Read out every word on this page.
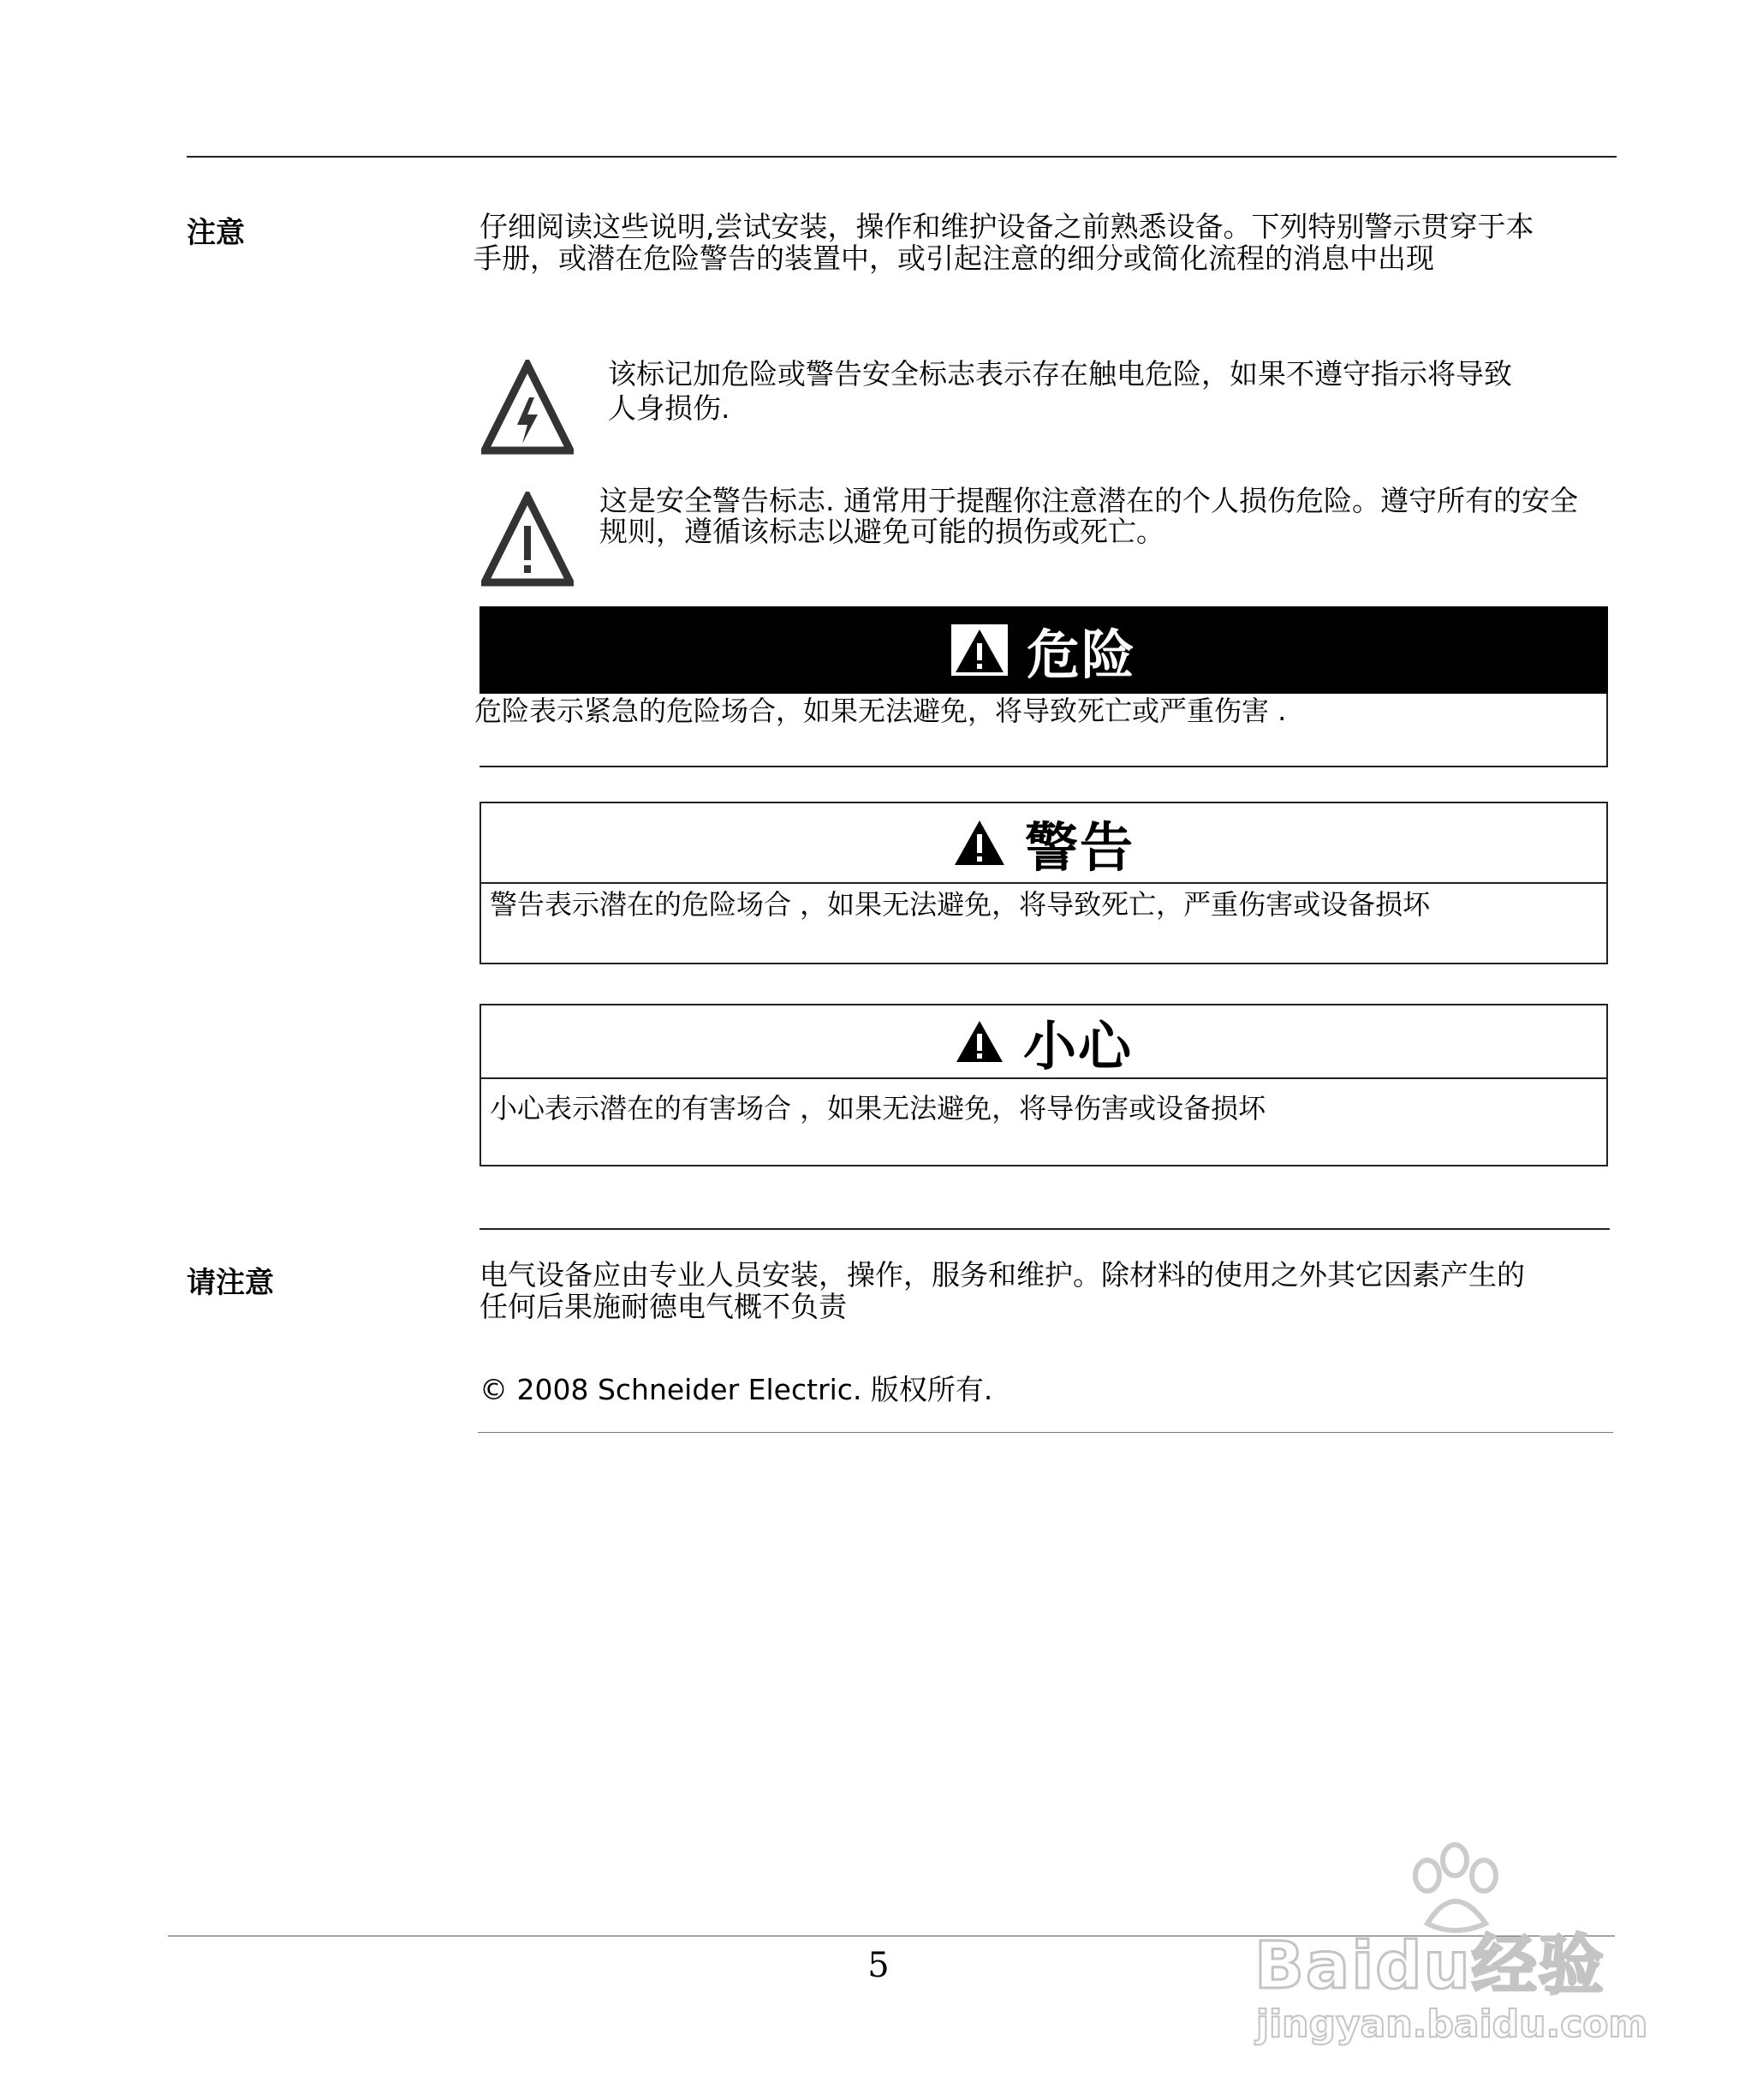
注意	仔细阅读这些说明,尝试安装，操作和维护设备之前熟悉设备。下列特别警示贯穿于本
手册，或潜在危险警告的装置中，或引起注意的细分或简化流程的消息中出现
该标记加危险或警告安全标志表示存在触电危险，如果不遵守指示将导致
人身损伤.
这是安全警告标志. 通常用于提醒你注意潜在的个人损伤危险。遵守所有的安全
规则，遵循该标志以避免可能的损伤或死亡。
危险
危险表示紧急的危险场合，如果无法避免，将导致死亡或严重伤害 .
警告
警告表示潜在的危险场合 ，如果无法避免，将导致死亡，严重伤害或设备损坏
小心
小心表示潜在的有害场合 ，如果无法避免，将导伤害或设备损坏
请注意	电气设备应由专业人员安装，操作，服务和维护。除材料的使用之外其它因素产生的
任何后果施耐德电气概不负责
© 2008 Schneider Electric. 版权所有.
5	Baidu经验
jingyan.baidu.com
